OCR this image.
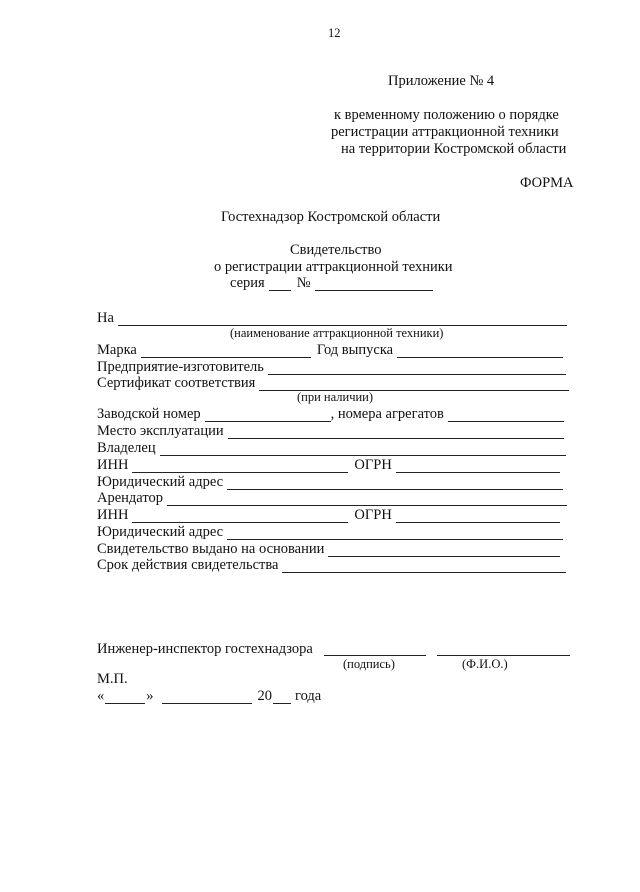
12
Приложение № 4
к временному положению о порядке
регистрации аттракционной техники
на территории Костромской области
ФОРМА
Гостехнадзор Костромской области
Свидетельство
о регистрации аттракционной техники
серия №
На
(наименование аттракционной техники)
Марка	Год выпуска
Предприятие-изготовитель
Сертификат соответствия
(при наличии)
Заводской номер	, номера агрегатов
Место эксплуатации
Владелец
ИНН	ОГРН
Юридический адрес
Арендатор
ИНН	ОГРН
Юридический адрес
Свидетельство выдано на основании
Срок действия свидетельства
Инженер-инспектор гостехнадзора
(подпись)	(Ф.И.О.)
М.П.
«	»	20 года
